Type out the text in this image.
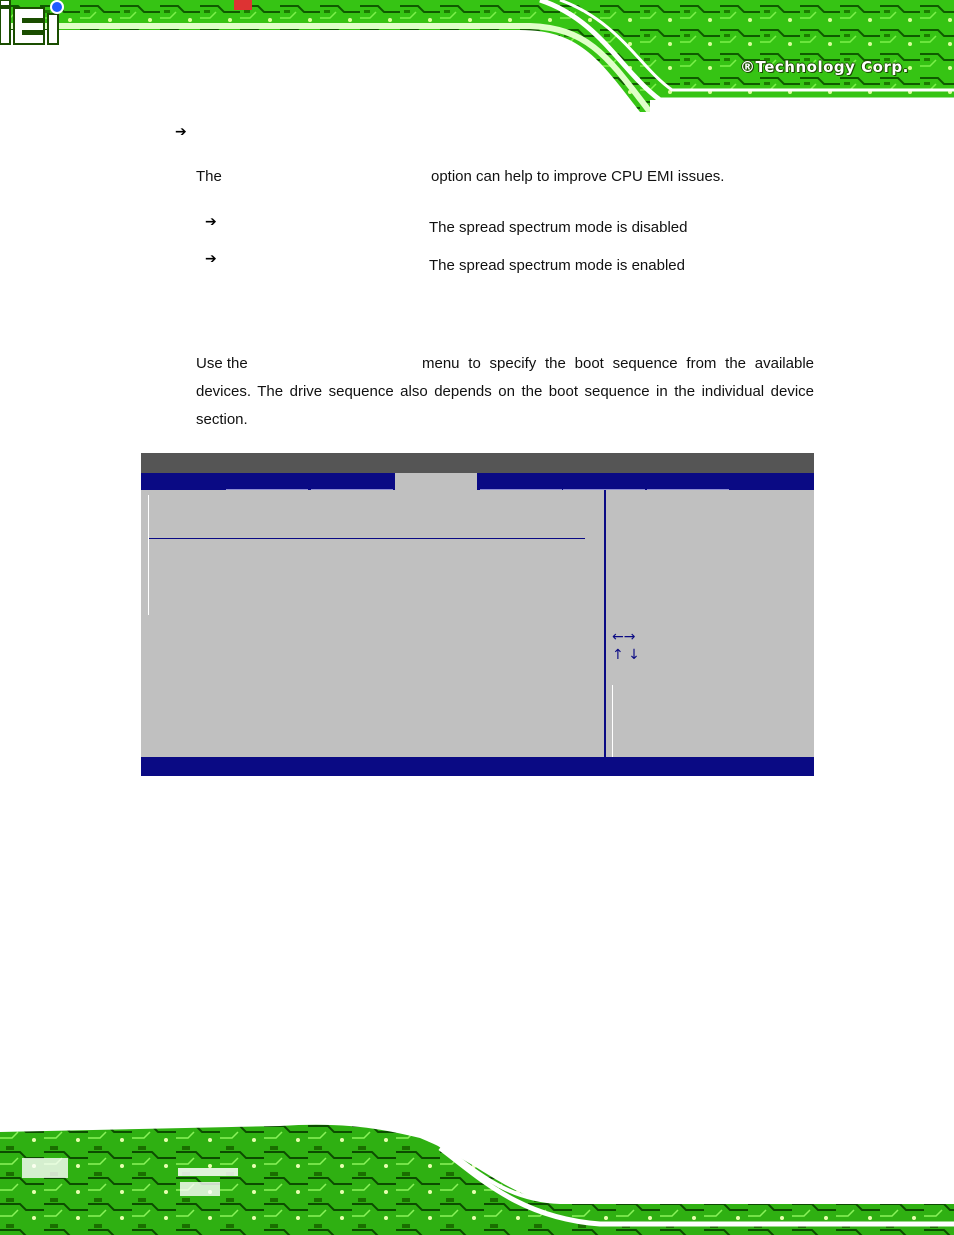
®Technology Corp.
➔
The	option can help to improve CPU EMI issues.
➔	The spread spectrum mode is disabled
➔	The spread spectrum mode is enabled
Use the	menu to specify the boot sequence from the available devices. The drive sequence also depends on the boot sequence in the individual device section.
←→
↑ ↓
